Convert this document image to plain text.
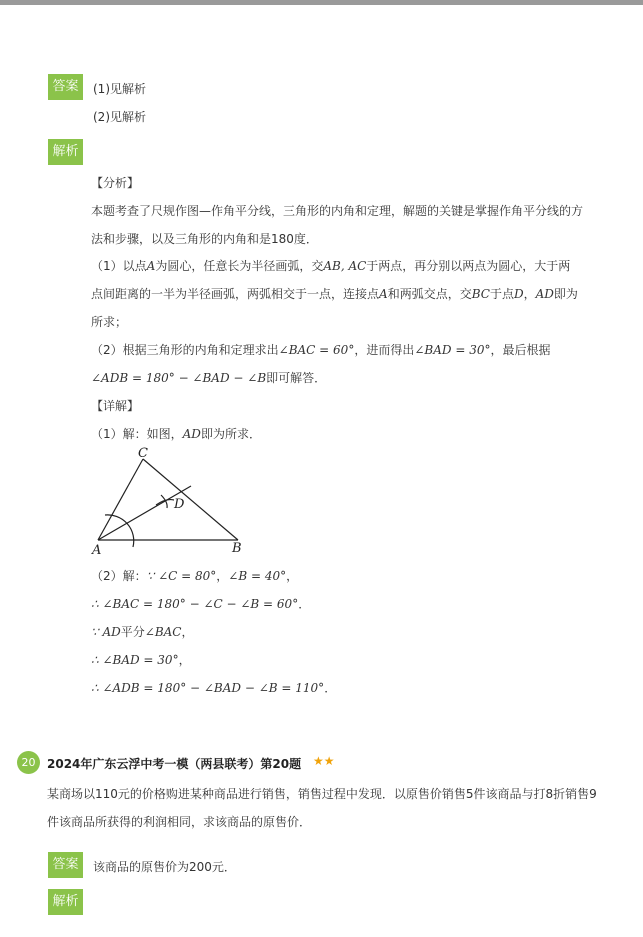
答案	(1)见解析
(2)见解析
解析
【分析】
本题考查了尺规作图—作角平分线，三角形的内角和定理，解题的关键是掌握作角平分线的方
法和步骤，以及三角形的内角和是180度．
（1）以点A为圆心，任意长为半径画弧，交AB, AC于两点，再分别以两点为圆心，大于两
点间距离的一半为半径画弧，两弧相交于一点，连接点A和两弧交点，交BC于点D，AD即为
所求；
（2）根据三角形的内角和定理求出∠BAC = 60°，进而得出∠BAD = 30°，最后根据
∠ADB = 180° − ∠BAD − ∠B即可解答．
【详解】
（1）解：如图，AD即为所求．
C
D
A	B
（2）解：∵ ∠C = 80°，∠B = 40°，
∴ ∠BAC = 180° − ∠C − ∠B = 60°．
∵ AD平分∠BAC，
∴ ∠BAD = 30°，
∴ ∠ADB = 180° − ∠BAD − ∠B = 110°．
20 2024年广东云浮中考一模（两县联考）第20题 ★★
某商场以110元的价格购进某种商品进行销售，销售过程中发现．以原售价销售5件该商品与打8折销售9
件该商品所获得的利润相同，求该商品的原售价．
答案	该商品的原售价为200元．
解析
